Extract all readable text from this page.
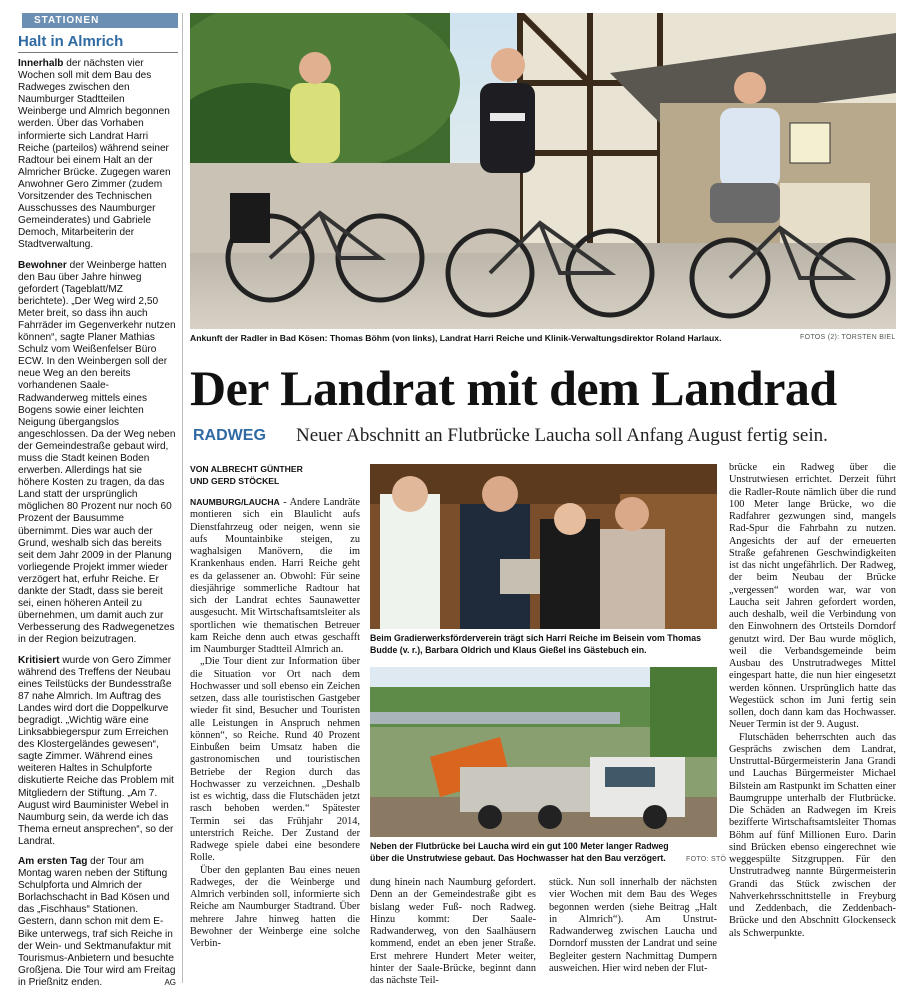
STATIONEN
Halt in Almrich

Innerhalb der nächsten vier Wochen soll mit dem Bau des Radweges zwischen den Naumburger Stadtteilen Weinberge und Almrich begonnen werden. Über das Vorhaben informierte sich Landrat Harri Reiche (parteilos) während seiner Radtour bei einem Halt an der Almricher Brücke. Zugegen waren Anwohner Gero Zimmer (zudem Vorsitzender des Technischen Ausschusses des Naumburger Gemeinderates) und Gabriele Democh, Mitarbeiterin der Stadtverwaltung.

Bewohner der Weinberge hatten den Bau über Jahre hinweg gefordert (Tageblatt/MZ berichtete). „Der Weg wird 2,50 Meter breit, so dass ihn auch Fahrräder im Gegenverkehr nutzen können“, sagte Planer Mathias Schulz vom Weißenfelser Büro ECW. In den Weinbergen soll der neue Weg an den bereits vorhandenen Saale-Radwanderweg mittels eines Bogens sowie einer leichten Neigung übergangslos angeschlossen. Da der Weg neben der Gemeindestraße gebaut wird, muss die Stadt keinen Boden erwerben. Allerdings hat sie höhere Kosten zu tragen, da das Land statt der ursprünglich möglichen 80 Prozent nur noch 60 Prozent der Bausumme übernimmt. Dies war auch der Grund, weshalb sich das bereits seit dem Jahr 2009 in der Planung vorliegende Projekt immer wieder verzögert hat, erfuhr Reiche. Er dankte der Stadt, dass sie bereit sei, einen höheren Anteil zu übernehmen, um damit auch zur Verbesserung des Radwegenetzes in der Region beizutragen.

Kritisiert wurde von Gero Zimmer während des Treffens der Neubau eines Teilstücks der Bundesstraße 87 nahe Almrich. Im Auftrag des Landes wird dort die Doppelkurve begradigt. „Wichtig wäre eine Linksabbiegerspur zum Erreichen des Klostergeländes gewesen“, sagte Zimmer. Während eines weiteren Haltes in Schulpforte diskutierte Reiche das Problem mit Mitgliedern der Stiftung. „Am 7. August wird Bauminister Webel in Naumburg sein, da werde ich das Thema erneut ansprechen“, so der Landrat.

Am ersten Tag der Tour am Montag waren neben der Stiftung Schulpforta und Almrich der Borlachschacht in Bad Kösen und das „Fischhaus“ Stationen. Gestern, dann schon mit dem E-Bike unterwegs, traf sich Reiche in der Wein- und Sektmanufaktur mit Tourismus-Anbietern und besuchte Großjena. Die Tour wird am Freitag in Prießnitz enden.	AG

Ankunft der Radler in Bad Kösen: Thomas Böhm (von links), Landrat Harri Reiche und Klinik-Verwaltungsdirektor Roland Harlaux.	FOTOS (2): TORSTEN BIEL
Der Landrat mit dem Landrad
RADWEG Neuer Abschnitt an Flutbrücke Laucha soll Anfang August fertig sein.
VON ALBRECHT GÜNTHER
UND GERD STÖCKEL

NAUMBURG/LAUCHA - Andere Landräte montieren sich ein Blaulicht aufs Dienstfahrzeug oder neigen, wenn sie aufs Mountainbike steigen, zu waghalsigen Manövern, die im Krankenhaus enden. Harri Reiche geht es da gelassener an. Obwohl: Für seine diesjährige sommerliche Radtour hat sich der Landrat echtes Saunawetter ausgesucht. Mit Wirtschaftsamtsleiter als sportlichen wie thematischen Betreuer kam Reiche denn auch etwas geschafft im Naumburger Stadtteil Almrich an.

„Die Tour dient zur Information über die Situation vor Ort nach dem Hochwasser und soll ebenso ein Zeichen setzen, dass alle touristischen Gastgeber wieder fit sind, Besucher und Touristen alle Leistungen in Anspruch nehmen können“, so Reiche. Rund 40 Prozent Einbußen beim Umsatz haben die gastronomischen und touristischen Betriebe der Region durch das Hochwasser zu verzeichnen. „Deshalb ist es wichtig, dass die Flutschäden jetzt rasch behoben werden.“ Spätester Termin sei das Frühjahr 2014, unterstrich Reiche. Der Zustand der Radwege spiele dabei eine besondere Rolle.

Über den geplanten Bau eines neuen Radweges, der die Weinberge und Almrich verbinden soll, informierte sich Reiche am Naumburger Stadtrand. Über mehrere Jahre hinweg hatten die Bewohner der Weinberge eine solche Verbin-

Beim Gradierwerksförderverein trägt sich Harri Reiche im Beisein vom Thomas Budde (v. r.), Barbara Oldrich und Klaus Gießel ins Gästebuch ein.
Neben der Flutbrücke bei Laucha wird ein gut 100 Meter langer Radweg über die Unstrutwiese gebaut. Das Hochwasser hat den Bau verzögert.	FOTO: STÖ

dung hinein nach Naumburg gefordert. Denn an der Gemeindestraße gibt es bislang weder Fuß- noch Radweg. Hinzu kommt: Der Saale-Radwanderweg, von den Saalhäusern kommend, endet an eben jener Straße. Erst mehrere Hundert Meter weiter, hinter der Saale-Brücke, beginnt dann das nächste Teil-

stück. Nun soll innerhalb der nächsten vier Wochen mit dem Bau des Weges begonnen werden (siehe Beitrag „Halt in Almrich“). Am Unstrut-Radwanderweg zwischen Laucha und Dorndorf mussten der Landrat und seine Begleiter gestern Nachmittag Dumpern ausweichen. Hier wird neben der Flut-

brücke ein Radweg über die Unstrutwiesen errichtet. Derzeit führt die Radler-Route nämlich über die rund 100 Meter lange Brücke, wo die Radfahrer gezwungen sind, mangels Rad-Spur die Fahrbahn zu nutzen. Angesichts der auf der erneuerten Straße gefahrenen Geschwindigkeiten ist das nicht ungefährlich. Der Radweg, der beim Neubau der Brücke „vergessen“ worden war, war von Laucha seit Jahren gefordert worden, auch deshalb, weil die Verbindung von den Einwohnern des Ortsteils Dorndorf genutzt wird. Der Bau wurde möglich, weil die Verbandsgemeinde beim Ausbau des Unstrutradweges Mittel eingespart hatte, die nun hier eingesetzt werden können. Ursprünglich hatte das Wegestück schon im Juni fertig sein sollen, doch dann kam das Hochwasser. Neuer Termin ist der 9. August.

Flutschäden beherrschten auch das Gesprächs zwischen dem Landrat, Unstruttal-Bürgermeisterin Jana Grandi und Lauchas Bürgermeister Michael Bilstein am Rastpunkt im Schatten einer Baumgruppe unterhalb der Flutbrücke. Die Schäden an Radwegen im Kreis bezifferte Wirtschaftsamtsleiter Thomas Böhm auf fünf Millionen Euro. Darin sind Brücken ebenso eingerechnet wie weggespülte Sitzgruppen. Für den Unstrutradweg nannte Bürgermeisterin Grandi das Stück zwischen der Nahverkehrsschnittstelle in Freyburg und Zeddenbach, die Zeddenbach-Brücke und den Abschnitt Glockenseck als Schwerpunkte.
